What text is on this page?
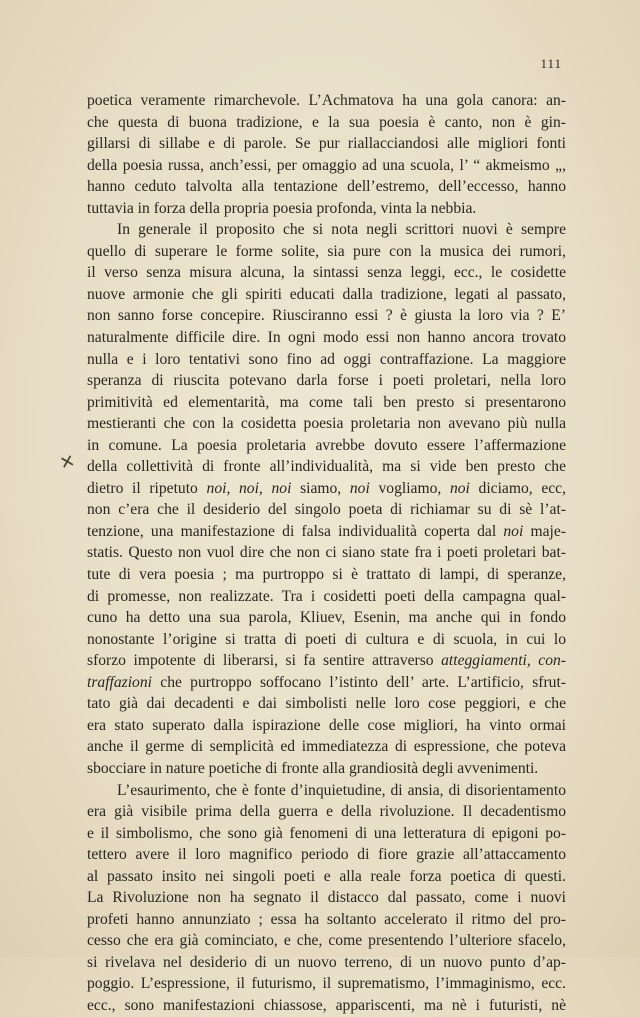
111
✕
poetica veramente rimarchevole. L’Achmatova ha una gola canora: an-
che questa di buona tradizione, e la sua poesia è canto, non è gin-
gillarsi di sillabe e di parole. Se pur riallacciandosi alle migliori fonti
della poesia russa, anch’essi, per omaggio ad una scuola, l’ “ akmeismo „,
hanno ceduto talvolta alla tentazione dell’estremo, dell’eccesso, hanno
tuttavia in forza della propria poesia profonda, vinta la nebbia.
In generale il proposito che si nota negli scrittori nuovi è sempre
quello di superare le forme solite, sia pure con la musica dei rumori,
il verso senza misura alcuna, la sintassi senza leggi, ecc., le cosidette
nuove armonie che gli spiriti educati dalla tradizione, legati al passato,
non sanno forse concepire. Riusciranno essi ? è giusta la loro via ? E’
naturalmente difficile dire. In ogni modo essi non hanno ancora trovato
nulla e i loro tentativi sono fino ad oggi contraffazione. La maggiore
speranza di riuscita potevano darla forse i poeti proletari, nella loro
primitività ed elementarità, ma come tali ben presto si presentarono
mestieranti che con la cosidetta poesia proletaria non avevano più nulla
in comune. La poesia proletaria avrebbe dovuto essere l’affermazione
della collettività di fronte all’individualità, ma si vide ben presto che
dietro il ripetuto noi, noi, noi siamo, noi vogliamo, noi diciamo, ecc,
non c’era che il desiderio del singolo poeta di richiamar su di sè l’at-
tenzione, una manifestazione di falsa individualità coperta dal noi maje-
statis. Questo non vuol dire che non ci siano state fra i poeti proletari bat-
tute di vera poesia ; ma purtroppo si è trattato di lampi, di speranze,
di promesse, non realizzate. Tra i cosidetti poeti della campagna qual-
cuno ha detto una sua parola, Kliuev, Esenin, ma anche qui in fondo
nonostante l’origine si tratta di poeti di cultura e di scuola, in cui lo
sforzo impotente di liberarsi, si fa sentire attraverso atteggiamenti, con-
traffazioni che purtroppo soffocano l’istinto dell’ arte. L’artificio, sfrut-
tato già dai decadenti e dai simbolisti nelle loro cose peggiori, e che
era stato superato dalla ispirazione delle cose migliori, ha vinto ormai
anche il germe di semplicità ed immediatezza di espressione, che poteva
sbocciare in nature poetiche di fronte alla grandiosità degli avvenimenti.
L’esaurimento, che è fonte d’inquietudine, di ansia, di disorientamento
era già visibile prima della guerra e della rivoluzione. Il decadentismo
e il simbolismo, che sono già fenomeni di una letteratura di epigoni po-
tettero avere il loro magnifico periodo di fiore grazie all’attaccamento
al passato insito nei singoli poeti e alla reale forza poetica di questi.
La Rivoluzione non ha segnato il distacco dal passato, come i nuovi
profeti hanno annunziato ; essa ha soltanto accelerato il ritmo del pro-
cesso che era già cominciato, e che, come presentendo l’ulteriore sfacelo,
si rivelava nel desiderio di un nuovo terreno, di un nuovo punto d’ap-
poggio. L’espressione, il futurismo, il suprematismo, l’immaginismo, ecc.
ecc., sono manifestazioni chiassose, appariscenti, ma nè i futuristi, nè
